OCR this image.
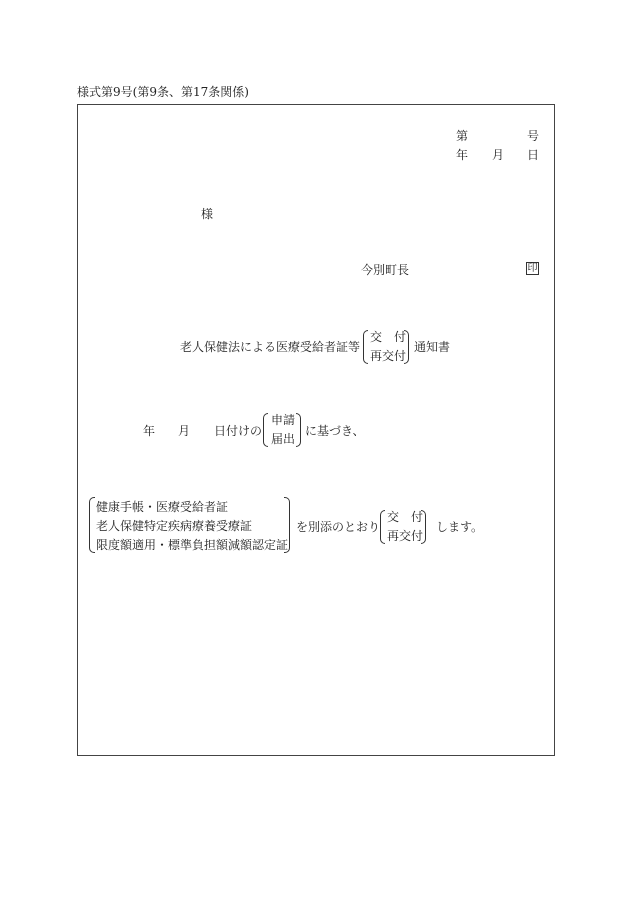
様式第9号(第9条、第17条関係)
第	号
年 月 日
様
今別町長	印
老人保健法による医療受給者証等
交　付
再交付
通知書
年 月 日付けの
申請
届出
に基づき、
健康手帳・医療受給者証
老人保健特定疾病療養受療証
限度額適用・標準負担額減額認定証
を別添のとおり
交　付
再交付
します。
